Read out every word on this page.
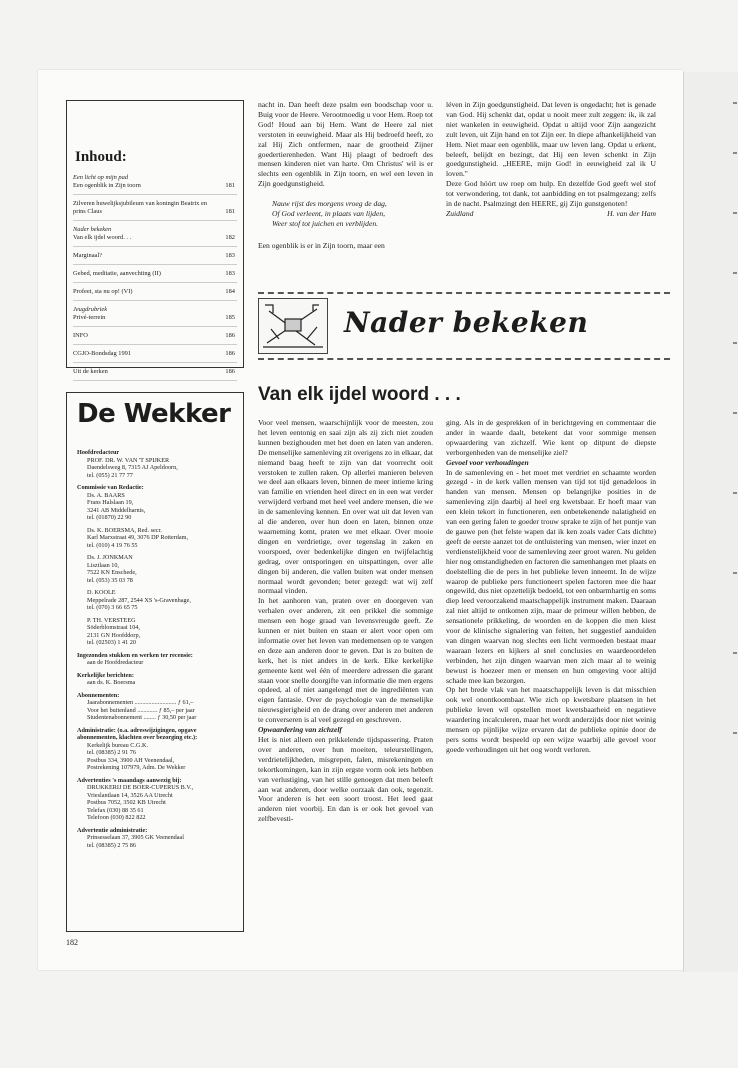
Inhoud:
Een licht op mijn pad
Een ogenblik in Zijn toorn	181
Zilveren huwelijksjubileum van koningin Beatrix en prins Claus	181
Nader bekeken
Van elk ijdel woord. . .	182
Marginaal?	183
Gebed, meditatie, aanvechting (II)	183
Profeet, sta nu op! (VI)	184
Jeugdrubriek
Privé-terrein	185
INFO	186
CGJO-Bondsdag 1991	186
Uit de kerken	186
De Wekker
Hoofdredacteur
PROF. DR. W. VAN 'T SPIJKER
Daendelsweg 8, 7315 AJ Apeldoorn,
tel. (055) 21 77 77
Commissie van Redactie:
Ds. A. BAARS
Frans Halslaan 19,
3241 AB Middelharnis,
tel. (01870) 22 90
Ds. K. BOERSMA, Red. secr.
Karl Marxstraat 49, 3076 DP Rotterdam,
tel. (010) 4 19 76 55
Ds. J. JONKMAN
Lisztlaan 10,
7522 KN Enschede,
tel. (053) 35 03 78
D. KOOLE
Meppelrade 287, 2544 XS 's-Gravenhage,
tel. (070) 3 66 65 75
P. TH. VERSTEEG
Söderblomstraat 104,
2131 GN Hoofddorp,
tel. (02503) 1 41 20
Ingezonden stukken en werken ter recensie:
aan de Hoofdredacteur
Kerkelijke berichten:
aan ds. K. Boersma
Abonnementen:
Jaarabonnementen ........................... ƒ 61,–
Voor het buitenland ............. ƒ 85,– per jaar
Studentenabonnement ........ ƒ 30,50 per jaar
Administratie: (o.a. adreswijzigingen, opgave abonnementen, klachten over bezorging etc.):
Kerkelijk bureau C.G.K.
tel. (08385) 2 91 76
Postbus 334, 3900 AH Veenendaal,
Postrekening 107979, Adm. De Wekker
Advertenties 's maandags aanwezig bij:
DRUKKERIJ DE BOER-CUPERUS B.V.,
Vrieslantlaan 14, 3526 AA Utrecht
Postbus 7052, 3502 KB Utrecht
Telefax (030) 88 35 61
Telefoon (030) 822 822
Advertentie administratie:
Prinsesselaan 37, 3905 GK Veenendaal
tel. (08385) 2 75 86

nacht in. Dan heeft deze psalm een boodschap voor u. Buig voor de Heere. Verootmoedig u voor Hem. Roep tot God! Houd aan bij Hem. Want de Heere zal niet verstoten in eeuwigheid. Maar als Hij bedroefd heeft, zo zal Hij Zich ontfermen, naar de grootheid Zijner goedertierenheden. Want Hij plaagt of bedroeft des mensen kinderen niet van harte. Om Christus' wil is er slechts een ogenblik in Zijn toorn, en wel een leven in Zijn goedgunstigheid.

Nauw rijst des morgens vroeg de dag,
Of God verleent, in plaats van lijden,
Weer stof tot juichen en verblijden.

Een ogenblik is er in Zijn toorn, maar een

léven in Zijn goedgunstigheid. Dat leven is ongedacht; het is genade van God. Hij schenkt dat, opdat u nooit meer zult zeggen: ik, ik zal niet wankelen in eeuwigheid. Opdat u altijd voor Zijn aangezicht zult leven, uit Zijn hand en tot Zijn eer. In diepe afhankelijkheid van Hem. Niet maar een ogenblik, maar uw leven lang. Opdat u erkent, beleeft, belijdt en bezingt, dat Hij een leven schenkt in Zijn goedgunstigheid. „HEERE, mijn God! in eeuwigheid zal ik U loven."

Deze God hóórt uw roep om hulp. En dezelfde God geeft wel stof tot verwondering, tot dank, tot aanbidding en tot psalmgezang; zelfs in de nacht. Psalmzingt den HEERE, gij Zijn gunstgenoten!

Zuidland	H. van der Ham
Nader bekeken
Van elk ijdel woord . . .

Voor veel mensen, waarschijnlijk voor de meesten, zou het leven eentonig en saai zijn als zij zich niet zouden kunnen bezighouden met het doen en laten van anderen. De menselijke samenleving zit overigens zo in elkaar, dat niemand baag heeft te zijn van dat voorrecht ooit verstoken te zullen raken. Op allerlei manieren beleven we deel aan elkaars leven, binnen de meer intieme kring van familie en vrienden heel direct en in een wat verder verwijderd verband met heel veel andere mensen, die we in de samenleving kennen. En over wat uit dat leven van al die anderen, over hun doen en laten, binnen onze waarneming komt, praten we met elkaar. Over mooie dingen en verdrietige, over tegenslag in zaken en voorspoed, over bedenkelijke dingen en twijfelachtig gedrag, over ontsporingen en uitspattingen, over alle dingen bij anderen, die vallen buiten wat onder mensen normaal wordt gevonden; beter gezegd: wat wij zelf normaal vinden.

In het aanhoren van, praten over en doorgeven van verhalen over anderen, zit een prikkel die sommige mensen een hoge graad van levensvreugde geeft. Ze kunnen er niet buiten en staan er alert voor open om informatie over het leven van medemensen op te vangen en deze aan anderen door te geven. Dat is zo buiten de kerk, het is niet anders in de kerk. Elke kerkelijke gemeente kent wel één of meerdere adressen die garant staan voor snelle doorgifte van informatie die men ergens opdeed, al of niet aangelengd met de ingrediënten van eigen fantasie. Over de psychologie van de menselijke nieuwsgierigheid en de drang over anderen met anderen te converseren is al veel gezegd en geschreven.

Opwaardering van zichzelf

Het is niet alleen een prikkelende tijdspassering. Praten over anderen, over hun moeiten, teleurstellingen, verdrietelijkheden, misgrepen, falen, misrekeningen en tekortkomingen, kan in zijn ergste vorm ook iets hebben van verlustiging, van het stille genoegen dat men beleeft aan wat anderen, door welke oorzaak dan ook, tegenzit. Voor anderen is het een soort troost. Het leed gaat anderen niet voorbij. En dan is er ook het gevoel van zelfbevesti-

ging. Als in de gesprekken of in berichtgeving en commentaar die ander in waarde daalt, betekent dat voor sommige mensen opwaardering van zichzelf. Wie kent op ditpunt de diepste verborgenheden van de menselijke ziel?

Gevoel voor verhoudingen

In de samenleving en - het moet met verdriet en schaamte worden gezegd - in de kerk vallen mensen van tijd tot tijd genadeloos in handen van mensen. Mensen op belangrijke posities in de samenleving zijn daarbij al heel erg kwetsbaar. Er hoeft maar van een klein tekort in functioneren, een onbetekenende nalatigheid en van een gering falen te goeder trouw sprake te zijn of het puntje van de gauwe pen (het felste wapen dat ik ken zoals vader Cats dichtte) geeft de eerste aanzet tot de ontluistering van mensen, wier inzet en verdienstelijkheid voor de samenleving zeer groot waren. Nu gelden hier nog omstandigheden en factoren die samenhangen met plaats en doelstelling die de pers in het publieke leven inneemt. In de wijze waarop de publieke pers functioneert spelen factoren mee die haar ongewild, dus niet opzettelijk bedoeld, tot een onbarmhartig en soms diep leed veroorzakend maatschappelijk instrument maken. Daaraan zal niet altijd te ontkomen zijn, maar de primeur willen hebben, de sensationele prikkeling, de woorden en de koppen die men kiest voor de klinische signalering van feiten, het suggestief aanduiden van dingen waarvan nog slechts een licht vermoeden bestaat maar waaraan lezers en kijkers al snel conclusies en waardeoordelen verbinden, het zijn dingen waarvan men zich maar al te weinig bewust is hoezeer men er mensen en hun omgeving voor altijd schade mee kan bezorgen.

Op het brede vlak van het maatschappelijk leven is dat misschien ook wel onontkoombaar. Wie zich op kwetsbare plaatsen in het publieke leven wil opstellen moet kwetsbaarheid en negatieve waardering incalculeren, maar het wordt anderzijds door niet weinig mensen op pijnlijke wijze ervaren dat de publieke opinie door de pers soms wordt bespeeld op een wijze waarbij alle gevoel voor goede verhoudingen uit het oog wordt verloren.

182
